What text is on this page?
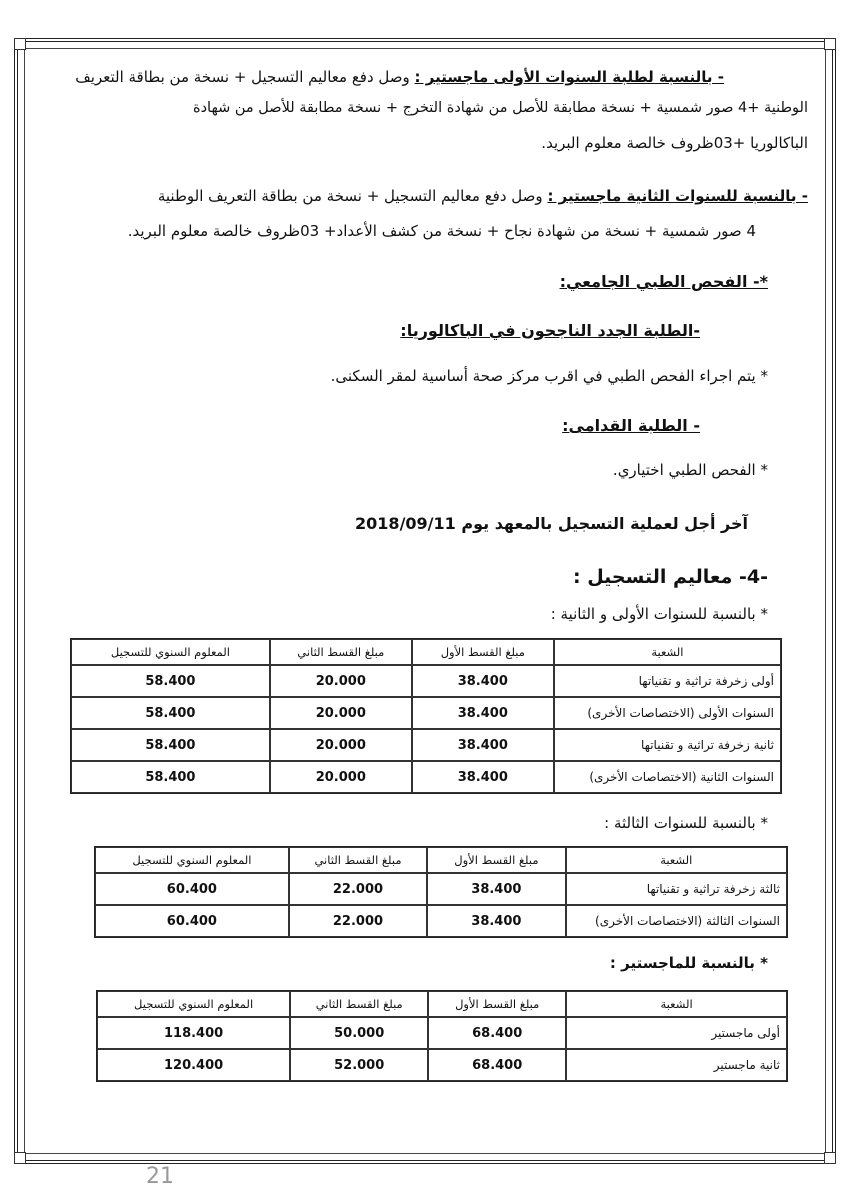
- بالنسبة لطلبة السنوات الأولى ماجستير : وصل دفع معاليم التسجيل + نسخة من بطاقة التعريف
الوطنية +4 صور شمسية + نسخة مطابقة للأصل من شهادة التخرج + نسخة مطابقة للأصل من شهادة
الباكالوريا +03ظروف خالصة معلوم البريد.
- بالنسبة للسنوات الثانية ماجستير : وصل دفع معاليم التسجيل + نسخة من بطاقة التعريف الوطنية
4 صور شمسية + نسخة من شهادة نجاح + نسخة من كشف الأعداد+ 03ظروف خالصة معلوم البريد.
*- الفحص الطبي الجامعي:
-الطلبة الجدد الناجحون في الباكالوريا:
* يتم اجراء الفحص الطبي في اقرب مركز صحة أساسية لمقر السكنى.
- الطلبة القدامى:
* الفحص الطبي اختياري.
آخر أجل لعملية التسجيل بالمعهد يوم 2018/09/11
-4- معاليم التسجيل :
* بالنسبة للسنوات الأولى و الثانية :
الشعبة	مبلغ القسط الأول	مبلغ القسط الثاني	المعلوم السنوي للتسجيل
أولى زخرفة تراثية و تقنياتها	38.400	20.000	58.400
السنوات الأولى (الاختصاصات الأخرى)	38.400	20.000	58.400
ثانية زخرفة تراثية و تقنياتها	38.400	20.000	58.400
السنوات الثانية (الاختصاصات الأخرى)	38.400	20.000	58.400
* بالنسبة للسنوات الثالثة :
الشعبة	مبلغ القسط الأول	مبلغ القسط الثاني	المعلوم السنوي للتسجيل
ثالثة زخرفة تراثية و تقنياتها	38.400	22.000	60.400
السنوات الثالثة (الاختصاصات الأخرى)	38.400	22.000	60.400
* بالنسبة للماجستير :
الشعبة	مبلغ القسط الأول	مبلغ القسط الثاني	المعلوم السنوي للتسجيل
أولى ماجستير	68.400	50.000	118.400
ثانية ماجستير	68.400	52.000	120.400
21
